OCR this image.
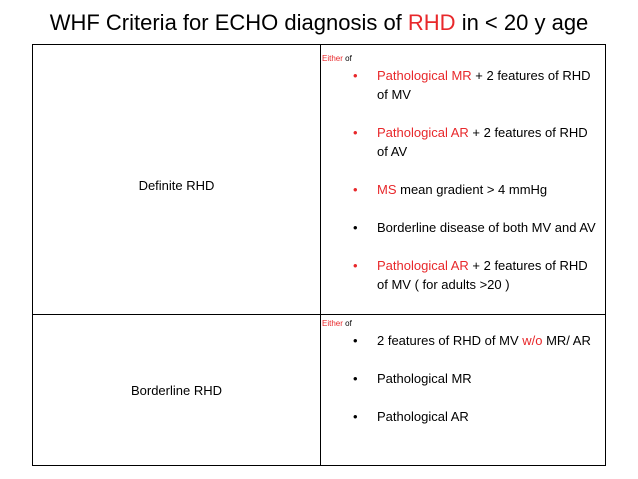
WHF Criteria for ECHO diagnosis of RHD in < 20 y age
Definite RHD
Either of
• Pathological MR + 2 features of RHD of MV
• Pathological AR + 2 features of RHD of AV
• MS mean gradient > 4 mmHg
• Borderline disease of both MV and AV
• Pathological AR + 2 features of RHD of MV ( for adults >20 )
Borderline RHD
Either of
• 2 features of RHD of MV w/o MR/ AR
• Pathological MR
• Pathological AR
